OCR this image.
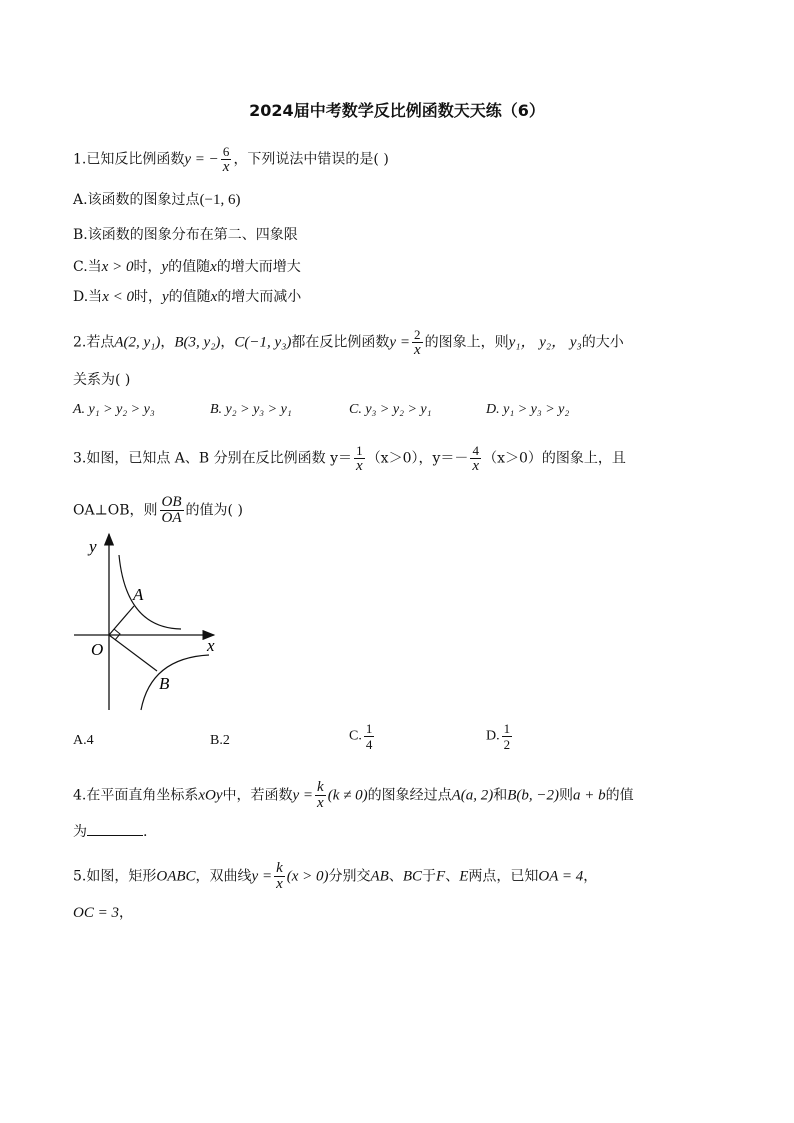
2024届中考数学反比例函数天天练（6）
1.已知反比例函数y = − $\frac{6}{x}$ ，下列说法中错误的是( )
A.该函数的图象过点(−1, 6)
B.该函数的图象分布在第二、四象限
C.当x > 0时，y的值随x的增大而增大
D.当x < 0时，y的值随x的增大而减小
2.若点A(2, y₁)，B(3, y₂)，C(−1, y₃)都在反比例函数$y = \frac{2}{x}$ 的图象上，则y₁， y₂， y₃的大小
关系为( )
A. y₁ > y₂ > y₃	B. y₂ > y₃ > y₁	C. y₃ > y₂ > y₁	D. y₁ > y₃ > y₂
3.如图，已知点 A、B 分别在反比例函数 $y= \frac{1}{x} (x>0)$，$y=- \frac{4}{x} (x>0)$的图象上，且
OA⊥OB，则 $\frac{OB}{OA}$ 的值为( )
y
x
O
A
B
A.4	B.2	C. $\frac{1}{4}$	D. $\frac{1}{2}$
4.在平面直角坐标系xOy中，若函数$y = \frac{k}{x} (k \ne 0)$的图象经过点A(a, 2)和B(b, −2)则a + b的值
为	.
5.如图，矩形OABC，双曲线$y = \frac{k}{x} (x > 0)$分别交AB、BC于F、E两点，已知OA = 4，
OC = 3，
